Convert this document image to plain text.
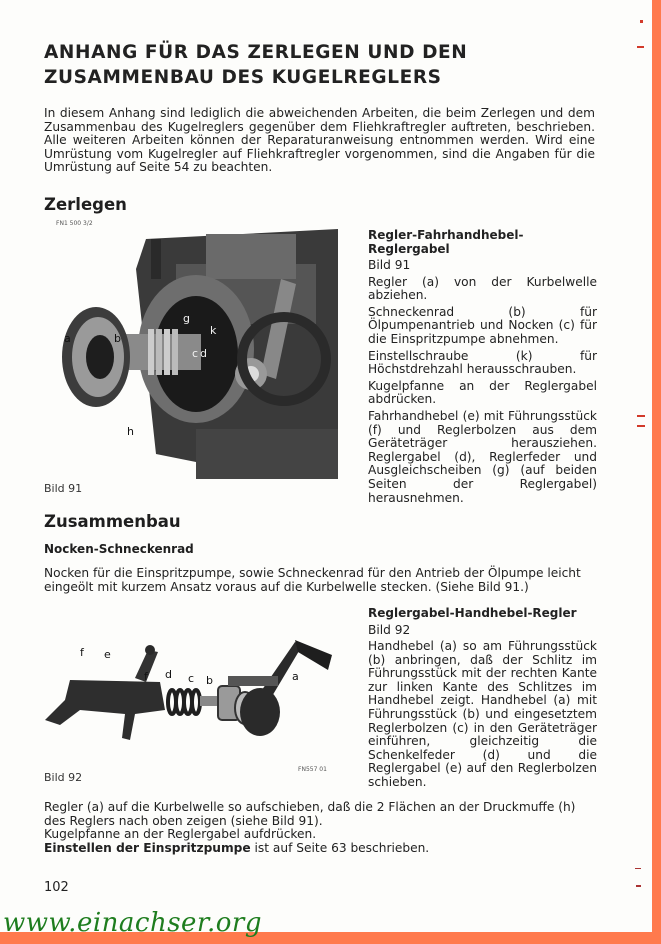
ANHANG FÜR DAS ZERLEGEN UND DEN
ZUSAMMENBAU DES KUGELREGLERS
In diesem Anhang sind lediglich die abweichenden Arbeiten, die beim Zerlegen und dem Zusammenbau des Kugelreglers gegenüber dem Fliehkraftregler auftreten, beschrieben. Alle weiteren Arbeiten können der Reparaturanweisung entnommen werden. Wird eine Umrüstung vom Kugelregler auf Fliehkraftregler vorgenommen, sind die Angaben für die Umrüstung auf Seite 54 zu beachten.
Zerlegen
a	b
g
k
c d
h
FN1 500 3/2
Bild 91
Regler-Fahrhandhebel-
Reglergabel

Bild 91

Regler (a) von der Kurbelwelle abziehen.

Schneckenrad (b) für Ölpumpenantrieb und Nocken (c) für die Einspritzpumpe abnehmen.

Einstellschraube (k) für Höchstdrehzahl herausschrauben.

Kugelpfanne an der Reglergabel abdrücken.

Fahrhandhebel (e) mit Führungsstück (f) und Reglerbolzen aus dem Geräteträger herausziehen. Reglergabel (d), Reglerfeder und Ausgleichscheiben (g) (auf beiden Seiten der Reglergabel) herausnehmen.

Zusammenbau
Nocken-Schneckenrad
Nocken für die Einspritzpumpe, sowie Schneckenrad für den Antrieb der Ölpumpe leicht eingeölt mit kurzem Ansatz voraus auf die Kurbelwelle stecken. (Siehe Bild 91.)
f e
f d c b	a
FN557 01
Bild 92
Reglergabel-Handhebel-Regler

Bild 92

Handhebel (a) so am Führungsstück (b) anbringen, daß der Schlitz im Führungsstück mit der rechten Kante zur linken Kante des Schlitzes im Handhebel zeigt. Handhebel (a) mit Führungsstück (b) und eingesetztem Reglerbolzen (c) in den Geräteträger einführen, gleichzeitig die Schenkelfeder (d) und die Reglergabel (e) auf den Reglerbolzen schieben.

Regler (a) auf die Kurbelwelle so aufschieben, daß die 2 Flächen an der Druckmuffe (h) des Reglers nach oben zeigen (siehe Bild 91).
Kugelpfanne an der Reglergabel aufdrücken.
Einstellen der Einspritzpumpe ist auf Seite 63 beschrieben.
102
www.einachser.org
